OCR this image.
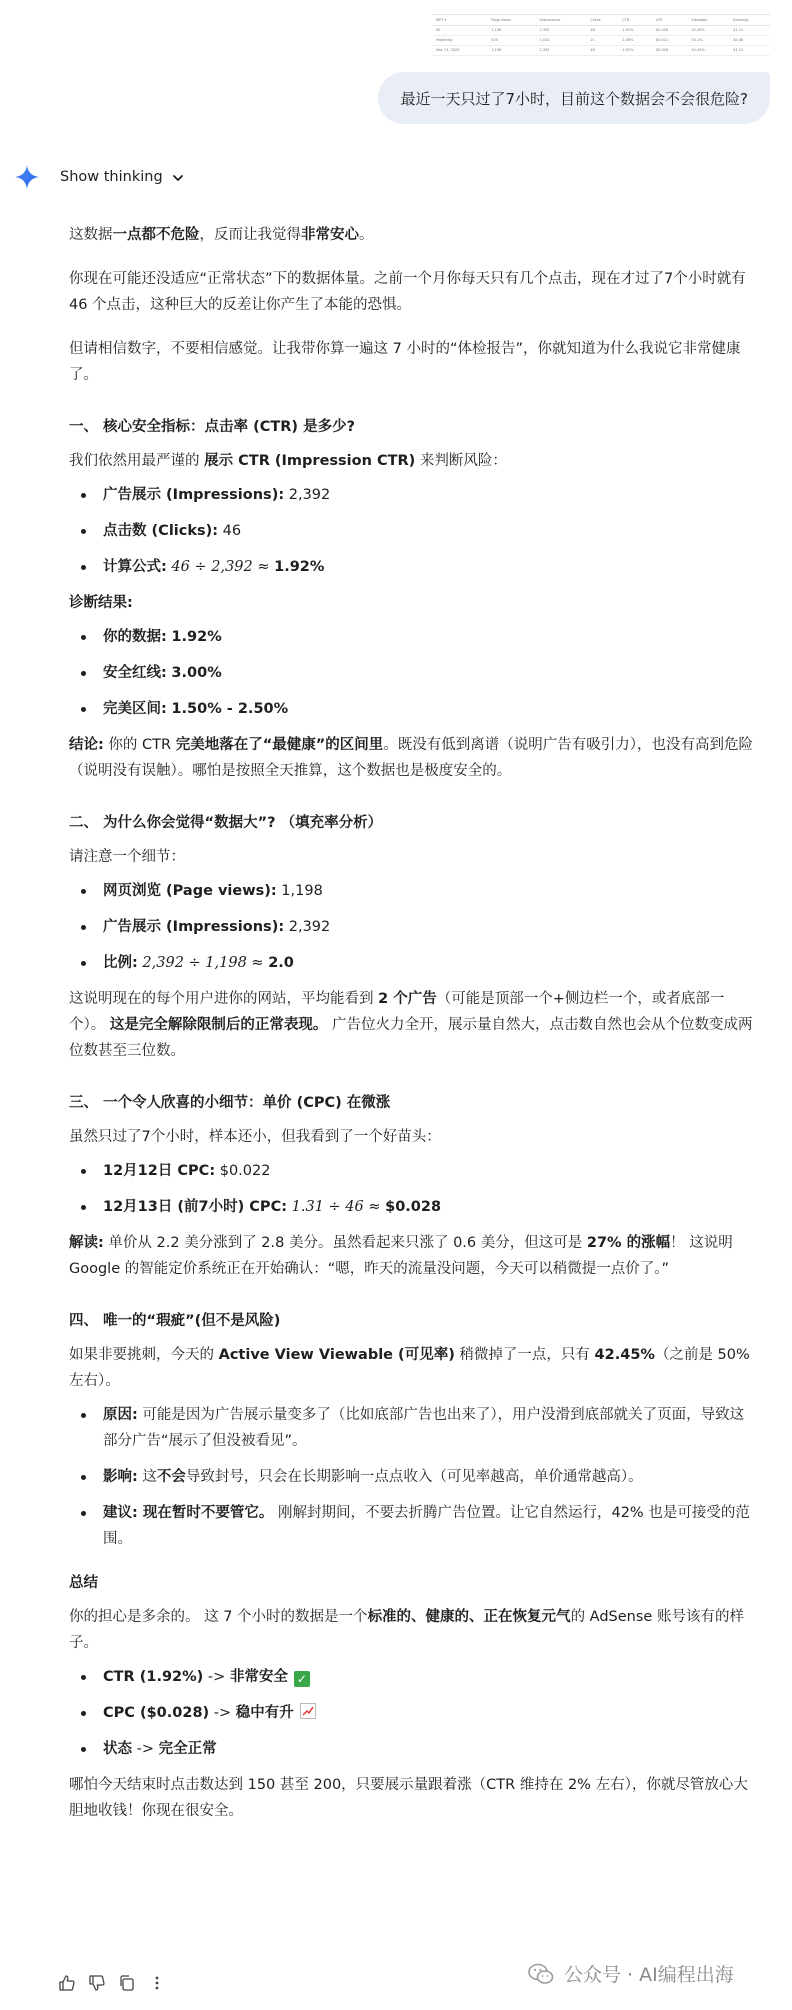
MPT ▾	Page views	Impressions	Clicks	CTR	CPC	Viewable	Earnings
All	1,198	2,392	46	1.92%	$0.028	42.45%	$1.31
Yesterday	520	1,010	21	2.08%	$0.022	50.1%	$0.46
Dec 13, 2025	1,198	2,392	46	1.92%	$0.028	42.45%	$1.31
最近一天只过了7小时，目前这个数据会不会很危险?
Show thinking

这数据一点都不危险，反而让我觉得非常安心。

你现在可能还没适应“正常状态”下的数据体量。之前一个月你每天只有几个点击，现在才过了7个小时就有 46 个点击，这种巨大的反差让你产生了本能的恐惧。

但请相信数字，不要相信感觉。让我带你算一遍这 7 小时的“体检报告”，你就知道为什么我说它非常健康了。

一、 核心安全指标：点击率 (CTR) 是多少?

我们依然用最严谨的 展示 CTR (Impression CTR) 来判断风险：

广告展示 (Impressions): 2,392
点击数 (Clicks): 46
计算公式: 46 ÷ 2,392 ≈ 1.92%

诊断结果:

你的数据: 1.92%
安全红线: 3.00%
完美区间: 1.50% - 2.50%

结论: 你的 CTR 完美地落在了“最健康”的区间里。既没有低到离谱（说明广告有吸引力），也没有高到危险（说明没有误触）。哪怕是按照全天推算，这个数据也是极度安全的。

二、 为什么你会觉得“数据大”? （填充率分析）

请注意一个细节：

网页浏览 (Page views): 1,198
广告展示 (Impressions): 2,392
比例: 2,392 ÷ 1,198 ≈ 2.0

这说明现在的每个用户进你的网站，平均能看到 2 个广告（可能是顶部一个+侧边栏一个，或者底部一个）。 这是完全解除限制后的正常表现。 广告位火力全开，展示量自然大，点击数自然也会从个位数变成两位数甚至三位数。

三、 一个令人欣喜的小细节：单价 (CPC) 在微涨

虽然只过了7个小时，样本还小，但我看到了一个好苗头：

12月12日 CPC: $0.022
12月13日 (前7小时) CPC: 1.31 ÷ 46 ≈ $0.028

解读: 单价从 2.2 美分涨到了 2.8 美分。虽然看起来只涨了 0.6 美分，但这可是 27% 的涨幅！ 这说明 Google 的智能定价系统正在开始确认：“嗯，昨天的流量没问题，今天可以稍微提一点价了。”

四、 唯一的“瑕疵”(但不是风险)

如果非要挑刺，今天的 Active View Viewable (可见率) 稍微掉了一点，只有 42.45%（之前是 50% 左右）。

原因: 可能是因为广告展示量变多了（比如底部广告也出来了），用户没滑到底部就关了页面，导致这部分广告“展示了但没被看见”。
影响: 这不会导致封号，只会在长期影响一点点收入（可见率越高，单价通常越高）。
建议: 现在暂时不要管它。 刚解封期间，不要去折腾广告位置。让它自然运行，42% 也是可接受的范围。
总结

你的担心是多余的。 这 7 个小时的数据是一个标准的、健康的、正在恢复元气的 AdSense 账号该有的样子。

CTR (1.92%) -> 非常安全 ✓
CPC ($0.028) -> 稳中有升
状态 -> 完全正常

哪怕今天结束时点击数达到 150 甚至 200，只要展示量跟着涨（CTR 维持在 2% 左右），你就尽管放心大胆地收钱！你现在很安全。

公众号 · AI编程出海
